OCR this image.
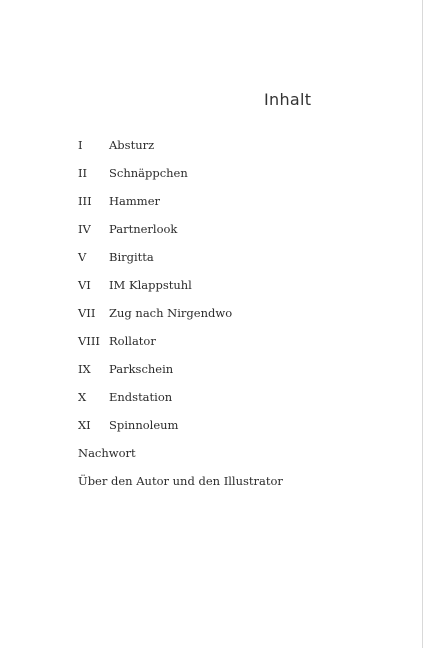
Inhalt
I	Absturz
II	Schnäppchen
III	Hammer
IV	Partnerlook
V	Birgitta
VI	IM Klappstuhl
VII	Zug nach Nirgendwo
VIII Rollator
IX	Parkschein
X	Endstation
XI	Spinnoleum
Nachwort
Über den Autor und den Illustrator
